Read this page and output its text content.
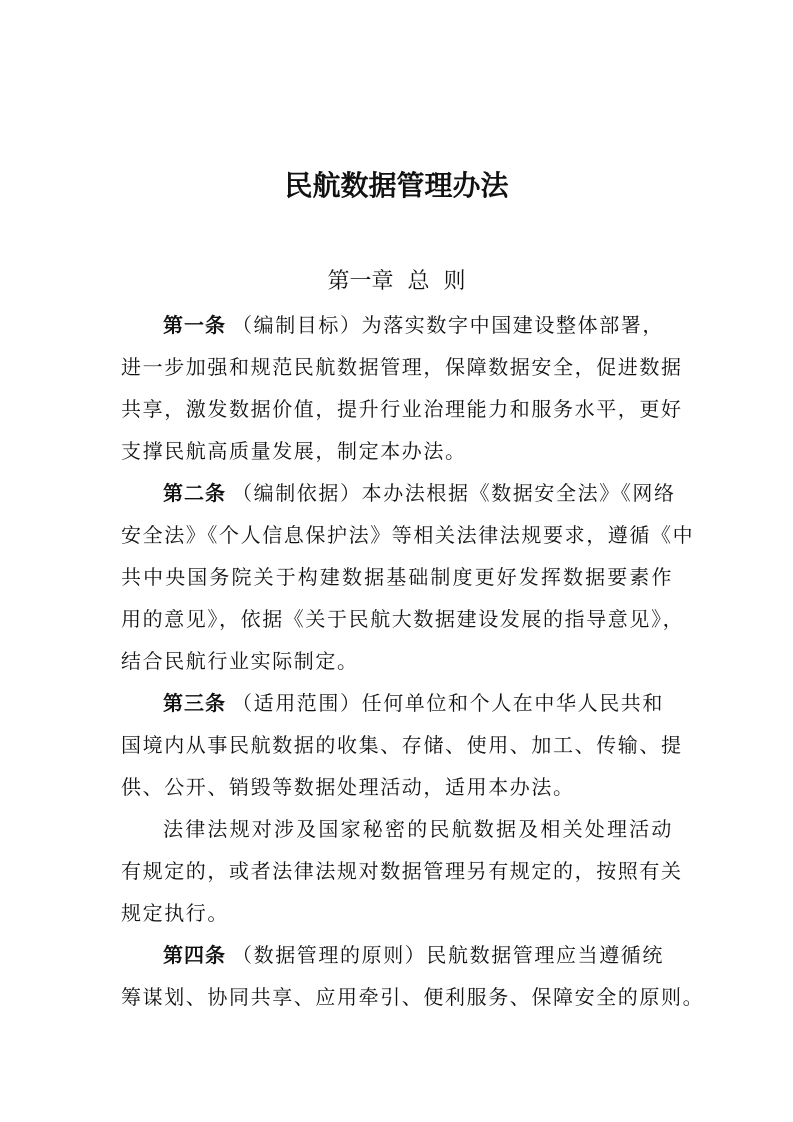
民航数据管理办法
第一章 总 则
第一条 （编制目标）为落实数字中国建设整体部署，
进一步加强和规范民航数据管理，保障数据安全，促进数据
共享，激发数据价值，提升行业治理能力和服务水平，更好
支撑民航高质量发展，制定本办法。
第二条 （编制依据）本办法根据《数据安全法》《网络
安全法》《个人信息保护法》等相关法律法规要求，遵循《中
共中央国务院关于构建数据基础制度更好发挥数据要素作
用的意见》，依据《关于民航大数据建设发展的指导意见》，
结合民航行业实际制定。
第三条 （适用范围）任何单位和个人在中华人民共和
国境内从事民航数据的收集、存储、使用、加工、传输、提
供、公开、销毁等数据处理活动，适用本办法。
法律法规对涉及国家秘密的民航数据及相关处理活动
有规定的，或者法律法规对数据管理另有规定的，按照有关
规定执行。
第四条 （数据管理的原则）民航数据管理应当遵循统
筹谋划、协同共享、应用牵引、便利服务、保障安全的原则。
